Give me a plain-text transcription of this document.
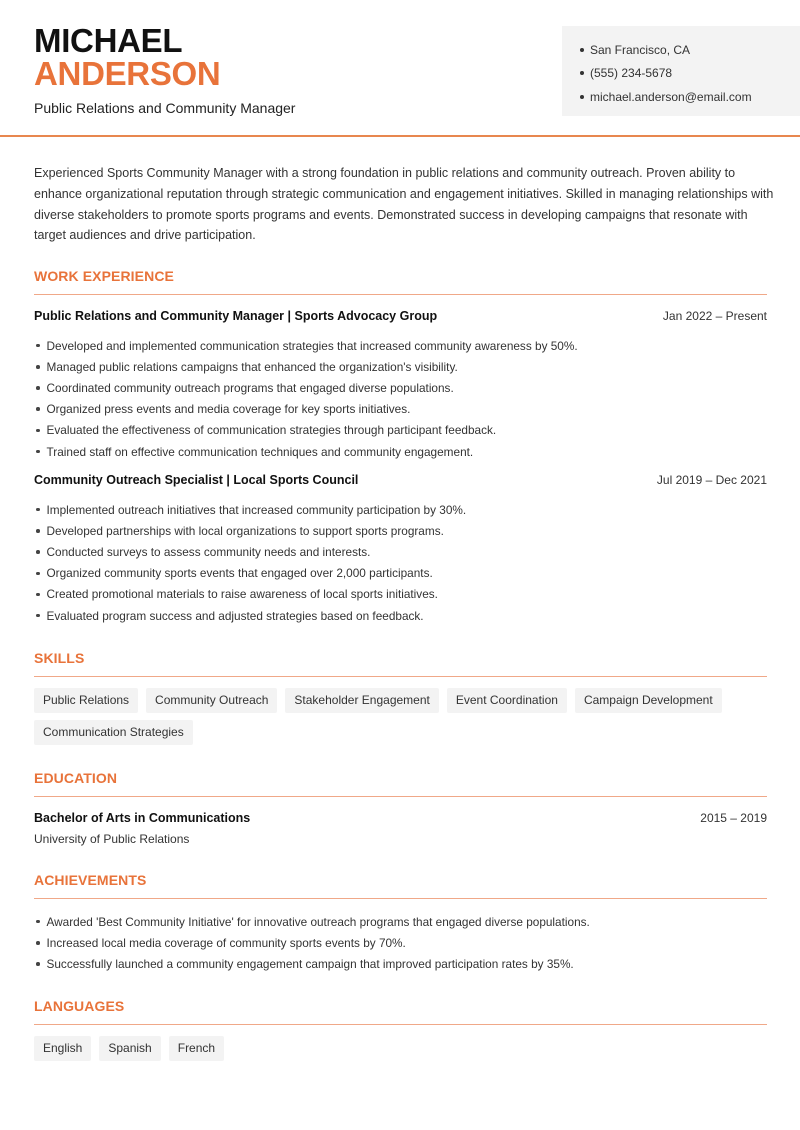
MICHAEL
ANDERSON
Public Relations and Community Manager
San Francisco, CA
(555) 234-5678
michael.anderson@email.com

Experienced Sports Community Manager with a strong foundation in public relations and community outreach. Proven ability to enhance organizational reputation through strategic communication and engagement initiatives. Skilled in managing relationships with diverse stakeholders to promote sports programs and events. Demonstrated success in developing campaigns that resonate with target audiences and drive participation.

WORK EXPERIENCE
Public Relations and Community Manager | Sports Advocacy Group	Jan 2022 – Present
Developed and implemented communication strategies that increased community awareness by 50%.
Managed public relations campaigns that enhanced the organization's visibility.
Coordinated community outreach programs that engaged diverse populations.
Organized press events and media coverage for key sports initiatives.
Evaluated the effectiveness of communication strategies through participant feedback.
Trained staff on effective communication techniques and community engagement.
Community Outreach Specialist | Local Sports Council	Jul 2019 – Dec 2021
Implemented outreach initiatives that increased community participation by 30%.
Developed partnerships with local organizations to support sports programs.
Conducted surveys to assess community needs and interests.
Organized community sports events that engaged over 2,000 participants.
Created promotional materials to raise awareness of local sports initiatives.
Evaluated program success and adjusted strategies based on feedback.
SKILLS
Public Relations	Community Outreach	Stakeholder Engagement	Event Coordination	Campaign Development
Communication Strategies
EDUCATION
Bachelor of Arts in Communications	2015 – 2019
University of Public Relations
ACHIEVEMENTS
Awarded 'Best Community Initiative' for innovative outreach programs that engaged diverse populations.
Increased local media coverage of community sports events by 70%.
Successfully launched a community engagement campaign that improved participation rates by 35%.
LANGUAGES
English	Spanish	French
